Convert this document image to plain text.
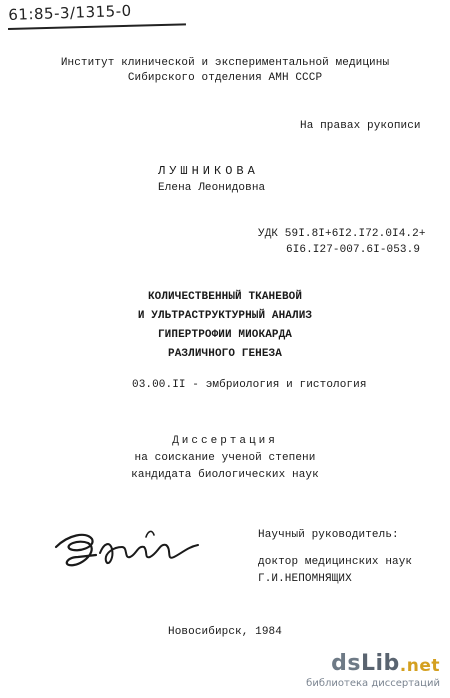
61:85-3/1315-0
Институт клинической и экспериментальной медицины
Сибирского отделения АМН СССР
На правах рукописи
ЛУШНИКОВА
Елена Леонидовна
УДК 59I.8I+6I2.I72.0I4.2+
6I6.I27-007.6I-053.9
КОЛИЧЕСТВЕННЫЙ ТКАНЕВОЙ
И УЛЬТРАСТРУКТУРНЫЙ АНАЛИЗ
ГИПЕРТРОФИИ МИОКАРДА
РАЗЛИЧНОГО ГЕНЕЗА
03.00.II - эмбриология и гистология
Диссертация
на соискание ученой степени
кандидата биологических наук
Научный руководитель:
доктор медицинских наук
Г.И.НЕПОМНЯЩИХ
Новосибирск, 1984
ds Lib .net
библиотека диссертаций
